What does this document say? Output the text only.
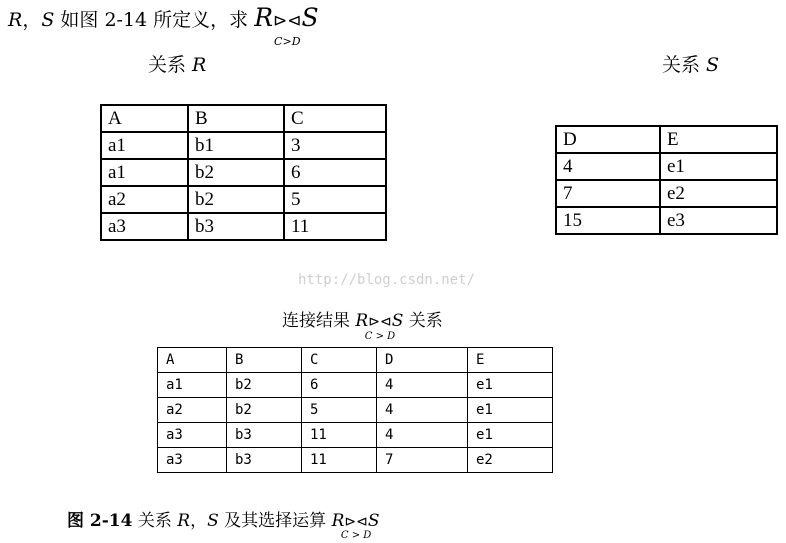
R，S 如图 2-14 所定义，求 R⊳⊲
C>D
S
关系 R	关系 S
A	B	C
a1	b1	3
a1	b2	6
a2	b2	5
a3	b3	11
D	E
4	e1
7	e2
15	e3
http://blog.csdn.net/
连接结果 R⊳⊲
C > D
S 关系
A	B	C	D	E
a1	b2	6	4	e1
a2	b2	5	4	e1
a3	b3	11	4	e1
a3	b3	11	7	e2
图 2-14 关系 R，S 及其选择运算 R⊳⊲
C > D
S
